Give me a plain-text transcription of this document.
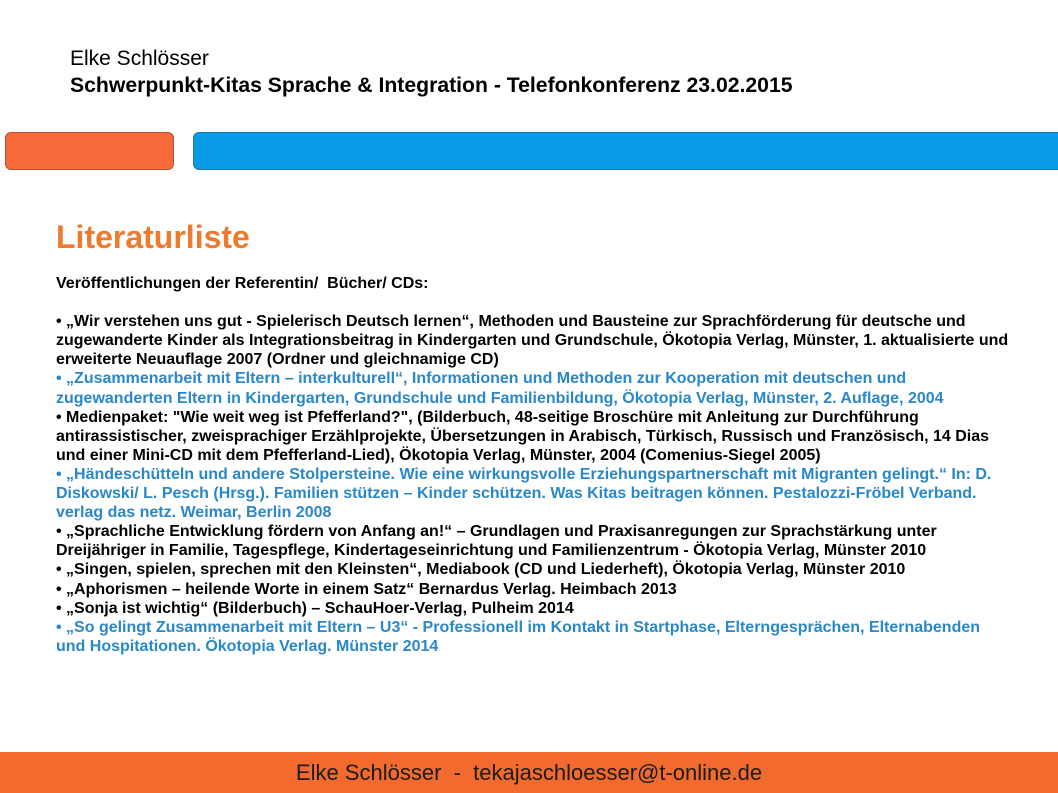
Elke Schlösser
Schwerpunkt-Kitas Sprache & Integration - Telefonkonferenz 23.02.2015
Literaturliste
Veröffentlichungen der Referentin/  Bücher/ CDs:
• „Wir verstehen uns gut - Spielerisch Deutsch lernen“, Methoden und Bausteine zur Sprachförderung für deutsche und
zugewanderte Kinder als Integrationsbeitrag in Kindergarten und Grundschule, Ökotopia Verlag, Münster, 1. aktualisierte und
erweiterte Neuauflage 2007 (Ordner und gleichnamige CD)
• „Zusammenarbeit mit Eltern – interkulturell“, Informationen und Methoden zur Kooperation mit deutschen und
zugewanderten Eltern in Kindergarten, Grundschule und Familienbildung, Ökotopia Verlag, Münster, 2. Auflage, 2004
• Medienpaket: "Wie weit weg ist Pfefferland?", (Bilderbuch, 48-seitige Broschüre mit Anleitung zur Durchführung
antirassistischer, zweisprachiger Erzählprojekte, Übersetzungen in Arabisch, Türkisch, Russisch und Französisch, 14 Dias
und einer Mini-CD mit dem Pfefferland-Lied), Ökotopia Verlag, Münster, 2004 (Comenius-Siegel 2005)
• „Händeschütteln und andere Stolpersteine. Wie eine wirkungsvolle Erziehungspartnerschaft mit Migranten gelingt.“ In: D.
Diskowski/ L. Pesch (Hrsg.). Familien stützen – Kinder schützen. Was Kitas beitragen können. Pestalozzi-Fröbel Verband.
verlag das netz. Weimar, Berlin 2008
• „Sprachliche Entwicklung fördern von Anfang an!“ – Grundlagen und Praxisanregungen zur Sprachstärkung unter
Dreijähriger in Familie, Tagespflege, Kindertageseinrichtung und Familienzentrum - Ökotopia Verlag, Münster 2010
• „Singen, spielen, sprechen mit den Kleinsten“, Mediabook (CD und Liederheft), Ökotopia Verlag, Münster 2010
• „Aphorismen – heilende Worte in einem Satz“ Bernardus Verlag. Heimbach 2013
• „Sonja ist wichtig“ (Bilderbuch) – SchauHoer-Verlag, Pulheim 2014
• „So gelingt Zusammenarbeit mit Eltern – U3“ - Professionell im Kontakt in Startphase, Elterngesprächen, Elternabenden
und Hospitationen. Ökotopia Verlag. Münster 2014
Elke Schlösser  -  tekajaschloesser@t-online.de
